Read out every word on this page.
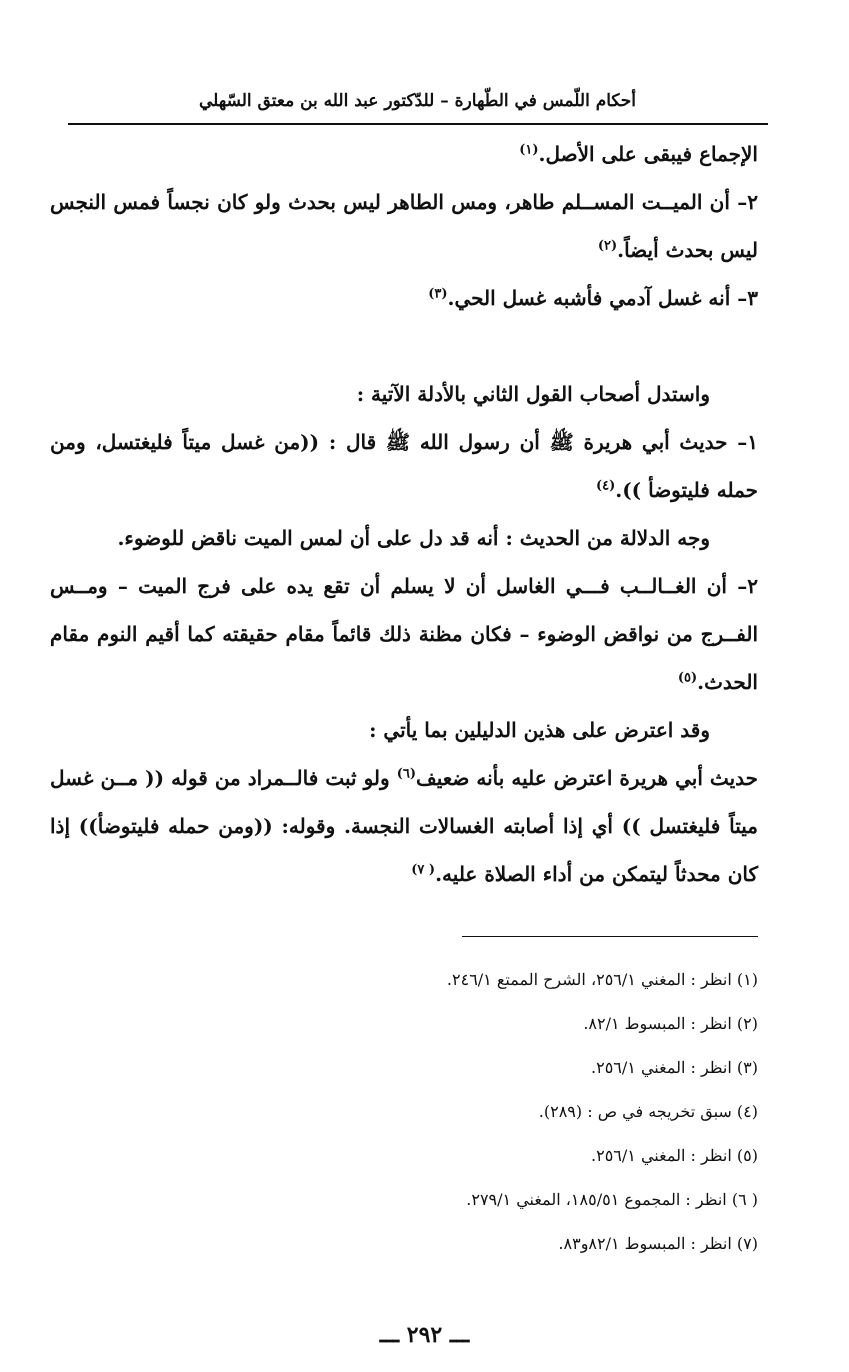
أحكام اللّمس في الطّهارة – للدّكتور عبد الله بن معتق السّهلي

الإجماع فيبقى على الأصل.$^{(١)}$

٢– أن الميــت المســلم طاهر، ومس الطاهر ليس بحدث ولو كان نجساً فمس النجس ليس بحدث أيضاً.$^{(٢)}$

٣– أنه غسل آدمي فأشبه غسل الحي.$^{(٣)}$

واستدل أصحاب القول الثاني بالأدلة الآتية :

١– حديث أبي هريرة ﷺ أن رسول الله ﷺ قال : ((من غسل ميتاً فليغتسل، ومن حمله فليتوضأ )).$^{(٤)}$

وجه الدلالة من الحديث : أنه قد دل على أن لمس الميت ناقض للوضوء.

٢– أن الغــالــب فـــي الغاسل أن لا يسلم أن تقع يده على فرج الميت – ومــس الفــرج من نواقض الوضوء – فكان مظنة ذلك قائماً مقام حقيقته كما أقيم النوم مقام الحدث.$^{(٥)}$

وقد اعترض على هذين الدليلين بما يأتي :

حديث أبي هريرة اعترض عليه بأنه ضعيف$^{(٦)}$ ولو ثبت فالــمراد من قوله (( مــن غسل ميتاً فليغتسل )) أي إذا أصابته الغسالات النجسة. وقوله: ((ومن حمله فليتوضأ)) إذا كان محدثاً ليتمكن من أداء الصلاة عليه.$^{( ٧)}$

(١) انظر : المغني ٢٥٦/١، الشرح الممتع ٢٤٦/١.
(٢) انظر : المبسوط ٨٢/١.
(٣) انظر : المغني ٢٥٦/١.
(٤) سبق تخريجه في ص : (٢٨٩).
(٥) انظر : المغني ٢٥٦/١.
( ٦) انظر : المجموع ١٨٥/٥١، المغني ٢٧٩/١.
(٧) انظر : المبسوط ٨٢/١و٨٣.
ـــ ٢٩٢ ـــ
